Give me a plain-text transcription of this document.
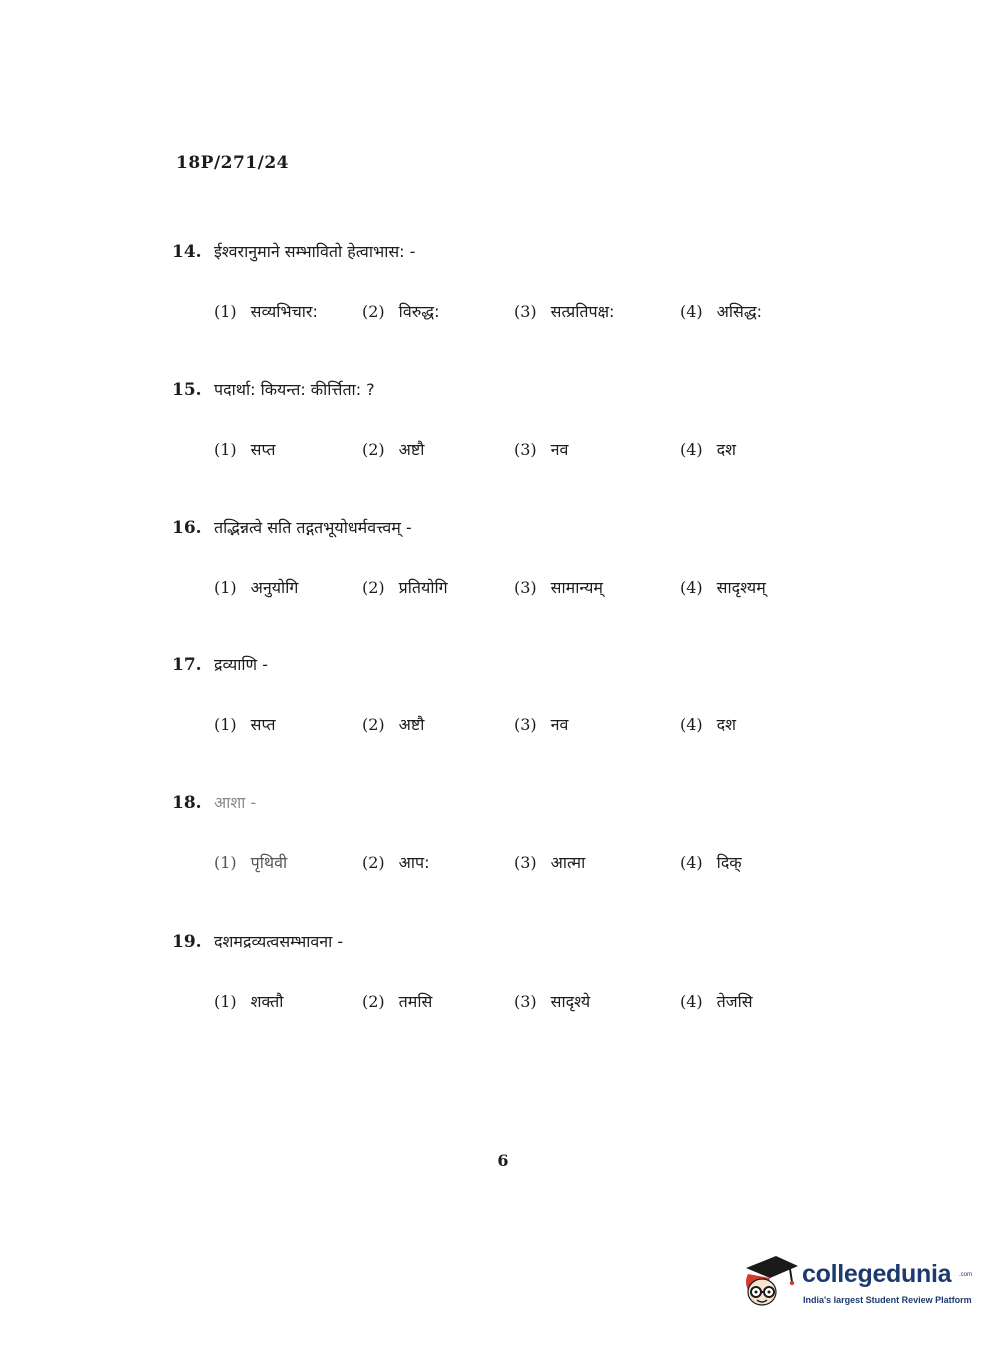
18P/271/24
14. ईश्वरानुमाने सम्भावितो हेत्वाभास: -
(1) सव्यभिचार:	(2) विरुद्ध:	(3) सत्प्रतिपक्ष:	(4) असिद्ध:
15. पदार्था: कियन्त: कीर्त्तिता: ?
(1) सप्त	(2) अष्टौ	(3) नव	(4) दश
16. तद्भिन्नत्वे सति तद्गतभूयोधर्मवत्त्वम् -
(1) अनुयोगि	(2) प्रतियोगि	(3) सामान्यम्	(4) सादृश्यम्
17. द्रव्याणि -
(1) सप्त	(2) अष्टौ	(3) नव	(4) दश
18. आशा -
(1) पृथिवी	(2) आप:	(3) आत्मा	(4) दिक्
19. दशमद्रव्यत्वसम्भावना -
(1) शक्तौ	(2) तमसि	(3) सादृश्ये	(4) तेजसि
6
collegedunia .com
India's largest Student Review Platform
